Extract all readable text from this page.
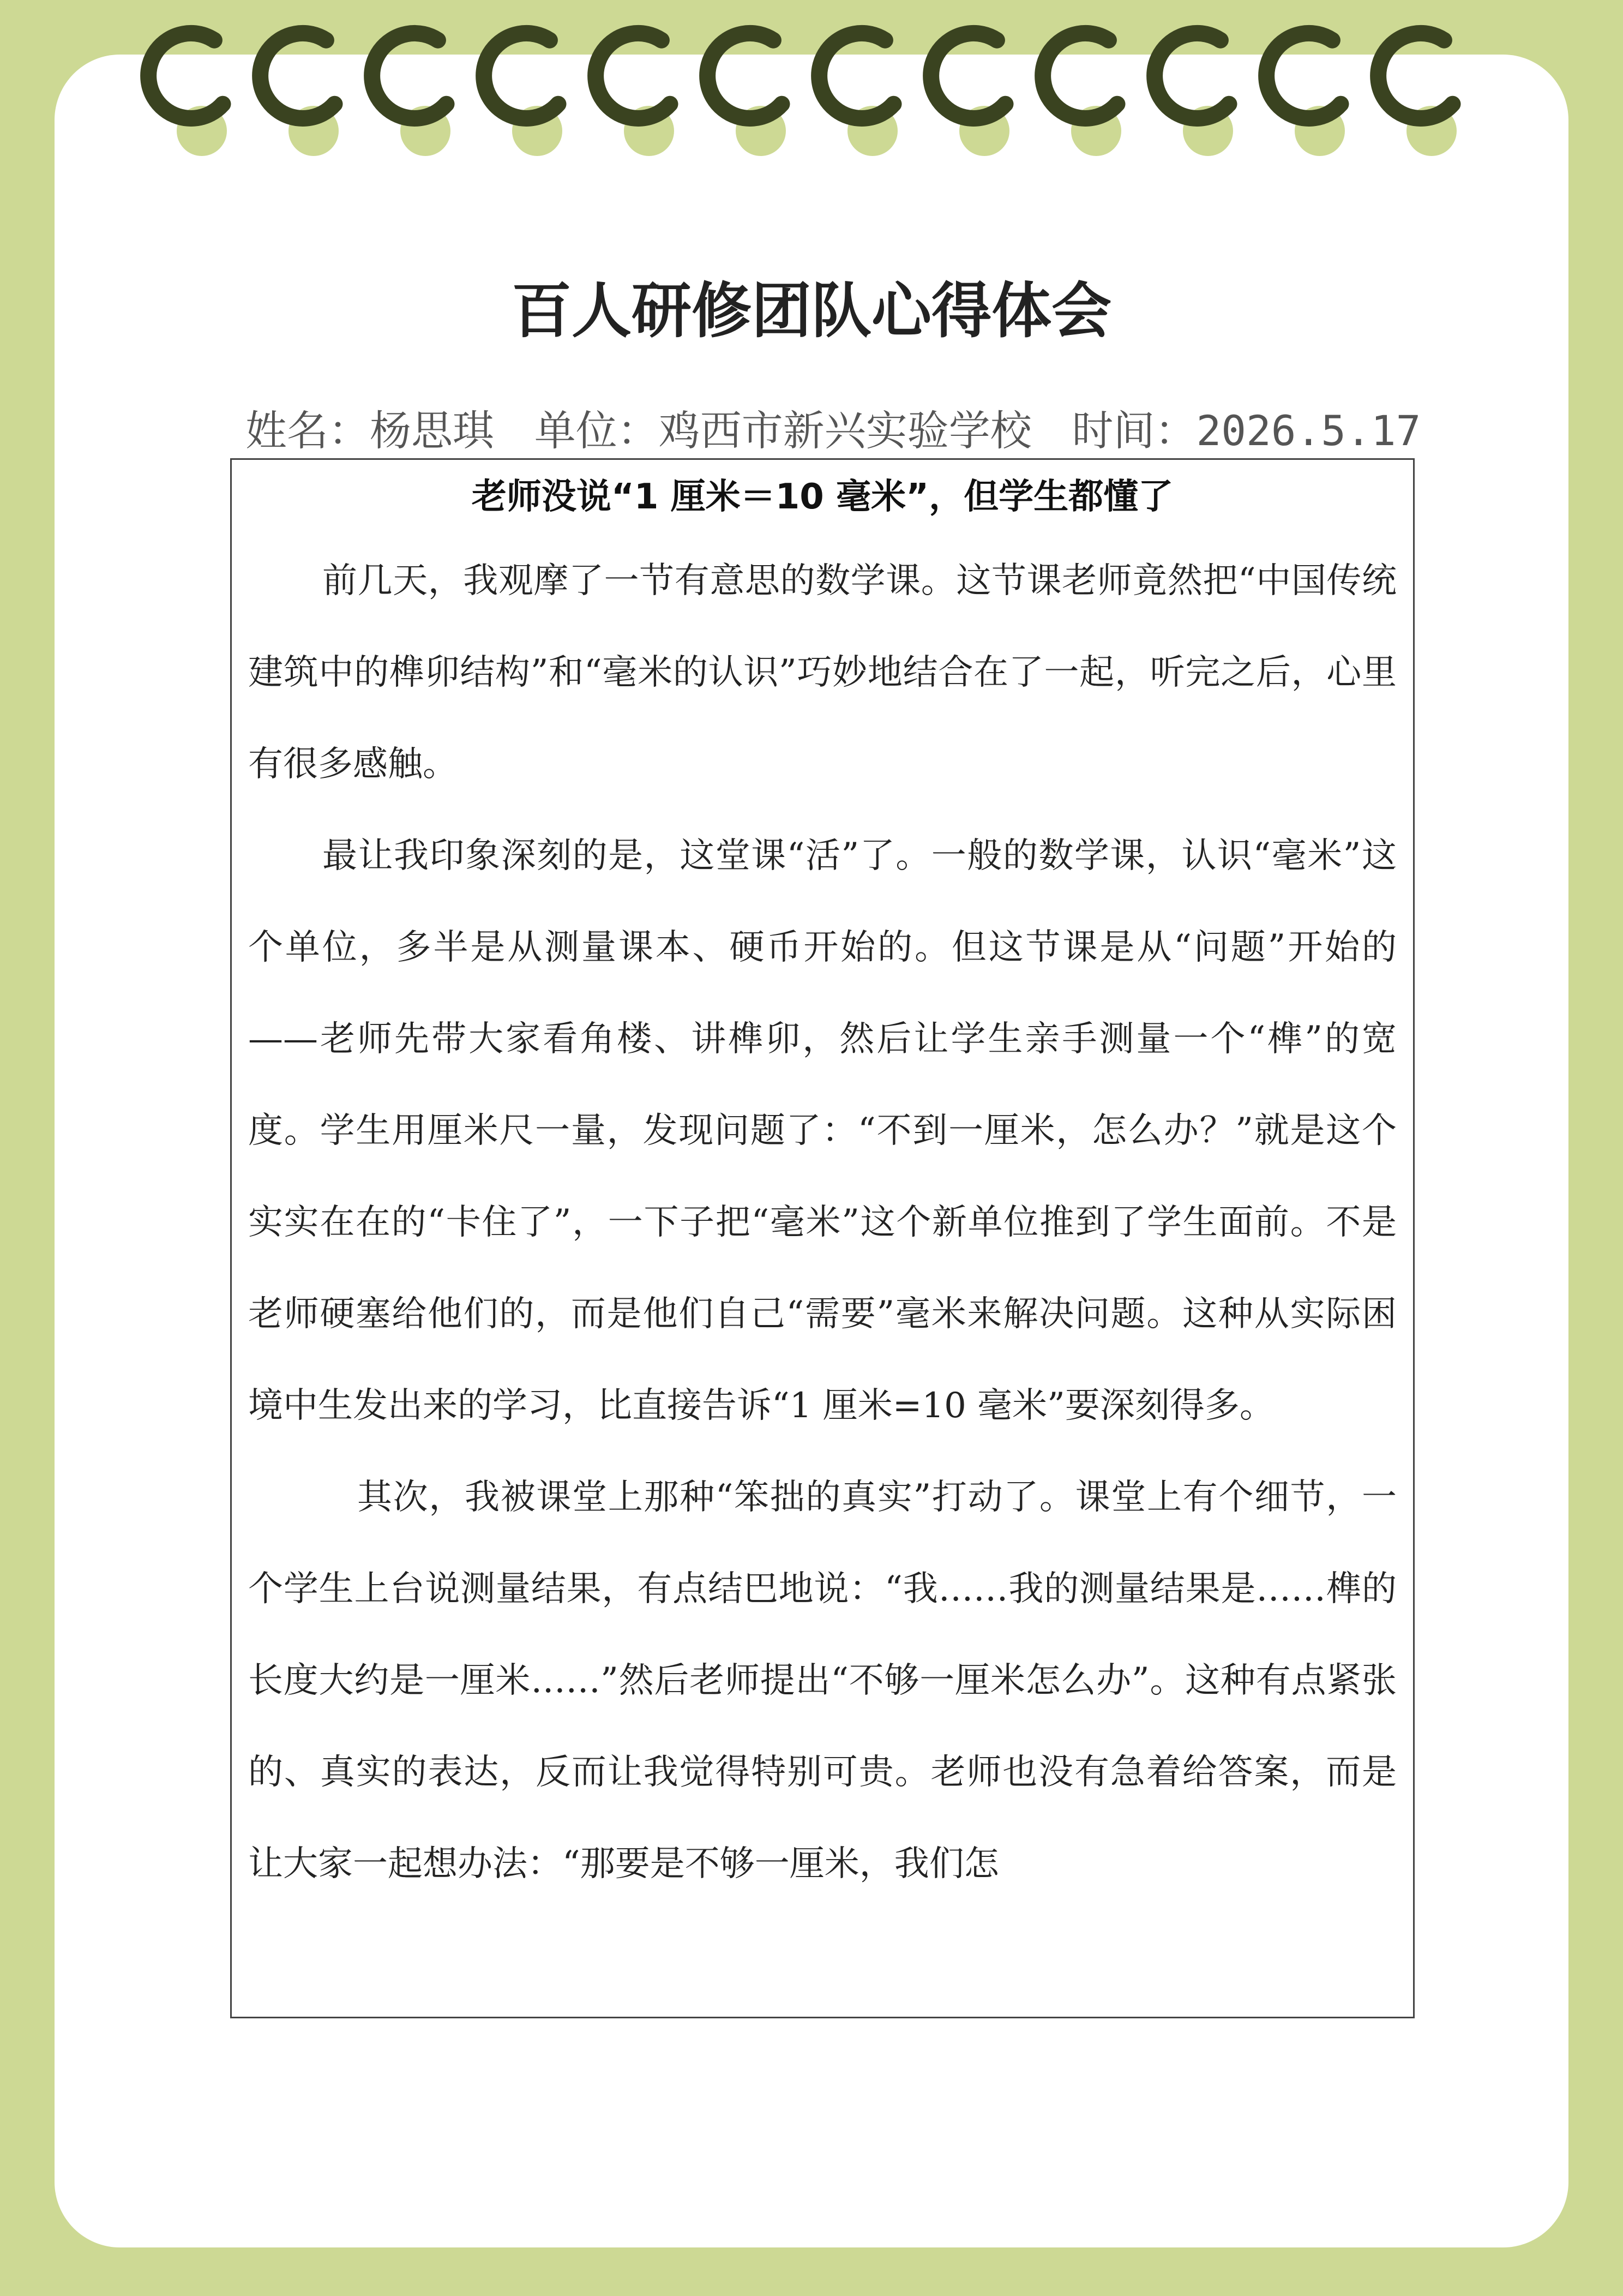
百人研修团队心得体会
姓名：杨思琪 单位：鸡西市新兴实验学校 时间：2026.5.17
老师没说“1 厘米＝10 毫米”，但学生都懂了

前几天，我观摩了一节有意思的数学课。这节课老师竟然把“中国传统建筑中的榫卯结构”和“毫米的认识”巧妙地结合在了一起，听完之后，心里有很多感触。

最让我印象深刻的是，这堂课“活”了。一般的数学课，认识“毫米”这个单位，多半是从测量课本、硬币开始的。但这节课是从“问题”开始的——老师先带大家看角楼、讲榫卯，然后让学生亲手测量一个“榫”的宽度。学生用厘米尺一量，发现问题了：“不到一厘米，怎么办？”就是这个实实在在的“卡住了”，一下子把“毫米”这个新单位推到了学生面前。不是老师硬塞给他们的，而是他们自己“需要”毫米来解决问题。这种从实际困境中生发出来的学习，比直接告诉“1 厘米=10 毫米”要深刻得多。

其次，我被课堂上那种“笨拙的真实”打动了。课堂上有个细节，一个学生上台说测量结果，有点结巴地说：“我……我的测量结果是……榫的长度大约是一厘米……”然后老师提出“不够一厘米怎么办”。这种有点紧张的、真实的表达，反而让我觉得特别可贵。老师也没有急着给答案，而是让大家一起想办法：“那要是不够一厘米，我们怎
